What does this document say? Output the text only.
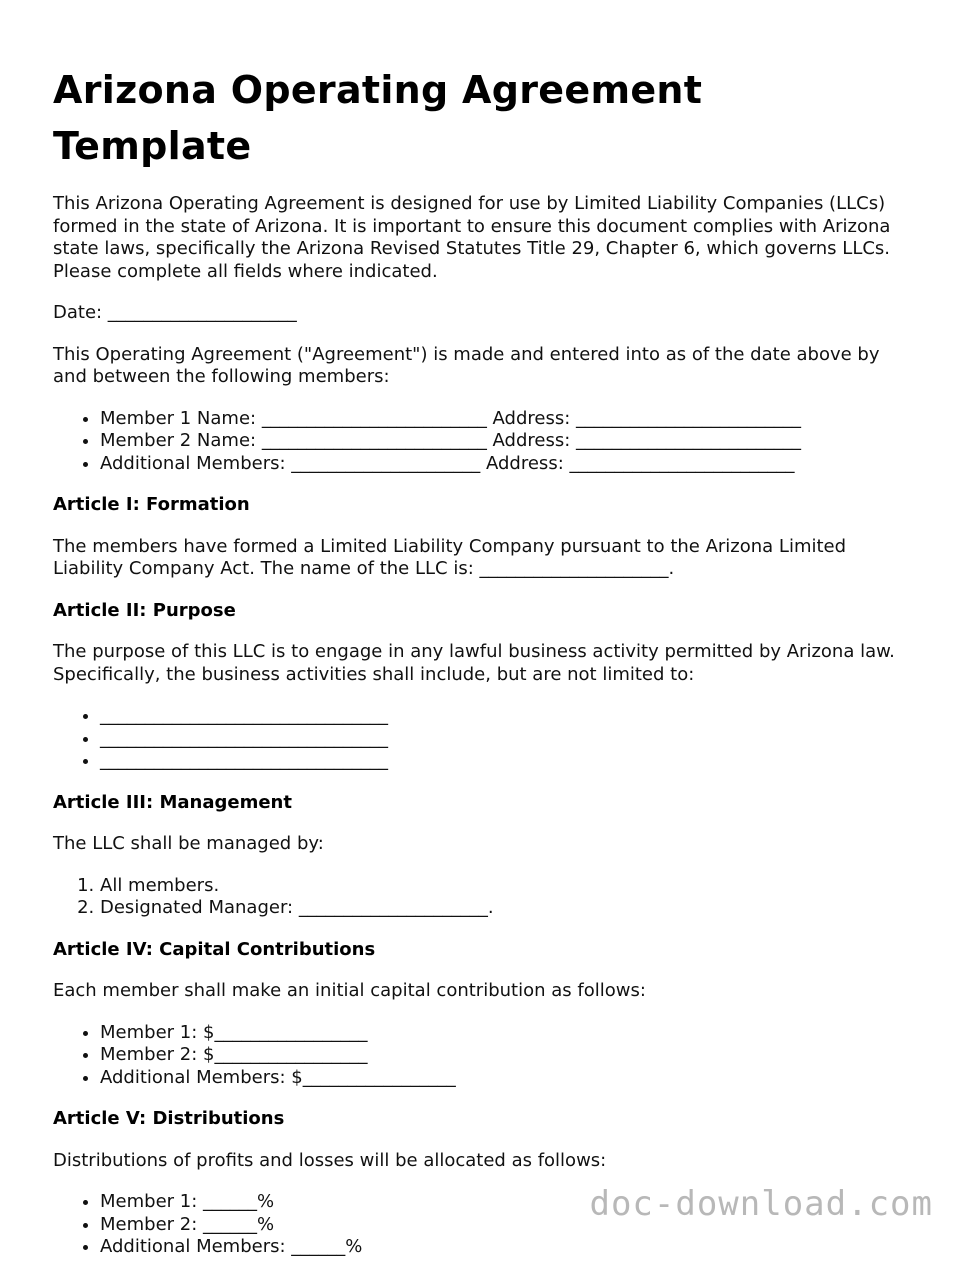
Arizona Operating Agreement Template

This Arizona Operating Agreement is designed for use by Limited Liability Companies (LLCs) formed in the state of Arizona. It is important to ensure this document complies with Arizona state laws, specifically the Arizona Revised Statutes Title 29, Chapter 6, which governs LLCs. Please complete all fields where indicated.

Date: _____________________

This Operating Agreement ("Agreement") is made and entered into as of the date above by and between the following members:

• Member 1 Name: _________________________ Address: _________________________
• Member 2 Name: _________________________ Address: _________________________
• Additional Members: _____________________ Address: _________________________
Article I: Formation

The members have formed a Limited Liability Company pursuant to the Arizona Limited Liability Company Act. The name of the LLC is: _____________________.

Article II: Purpose

The purpose of this LLC is to engage in any lawful business activity permitted by Arizona law. Specifically, the business activities shall include, but are not limited to:

• ________________________________
• ________________________________
• ________________________________
Article III: Management

The LLC shall be managed by:

1. All members.
2. Designated Manager: _____________________.
Article IV: Capital Contributions

Each member shall make an initial capital contribution as follows:

• Member 1: $_________________
• Member 2: $_________________
• Additional Members: $_________________
Article V: Distributions

Distributions of profits and losses will be allocated as follows:

• Member 1: ______%
• Member 2: ______%
• Additional Members: ______%
doc-download.com
